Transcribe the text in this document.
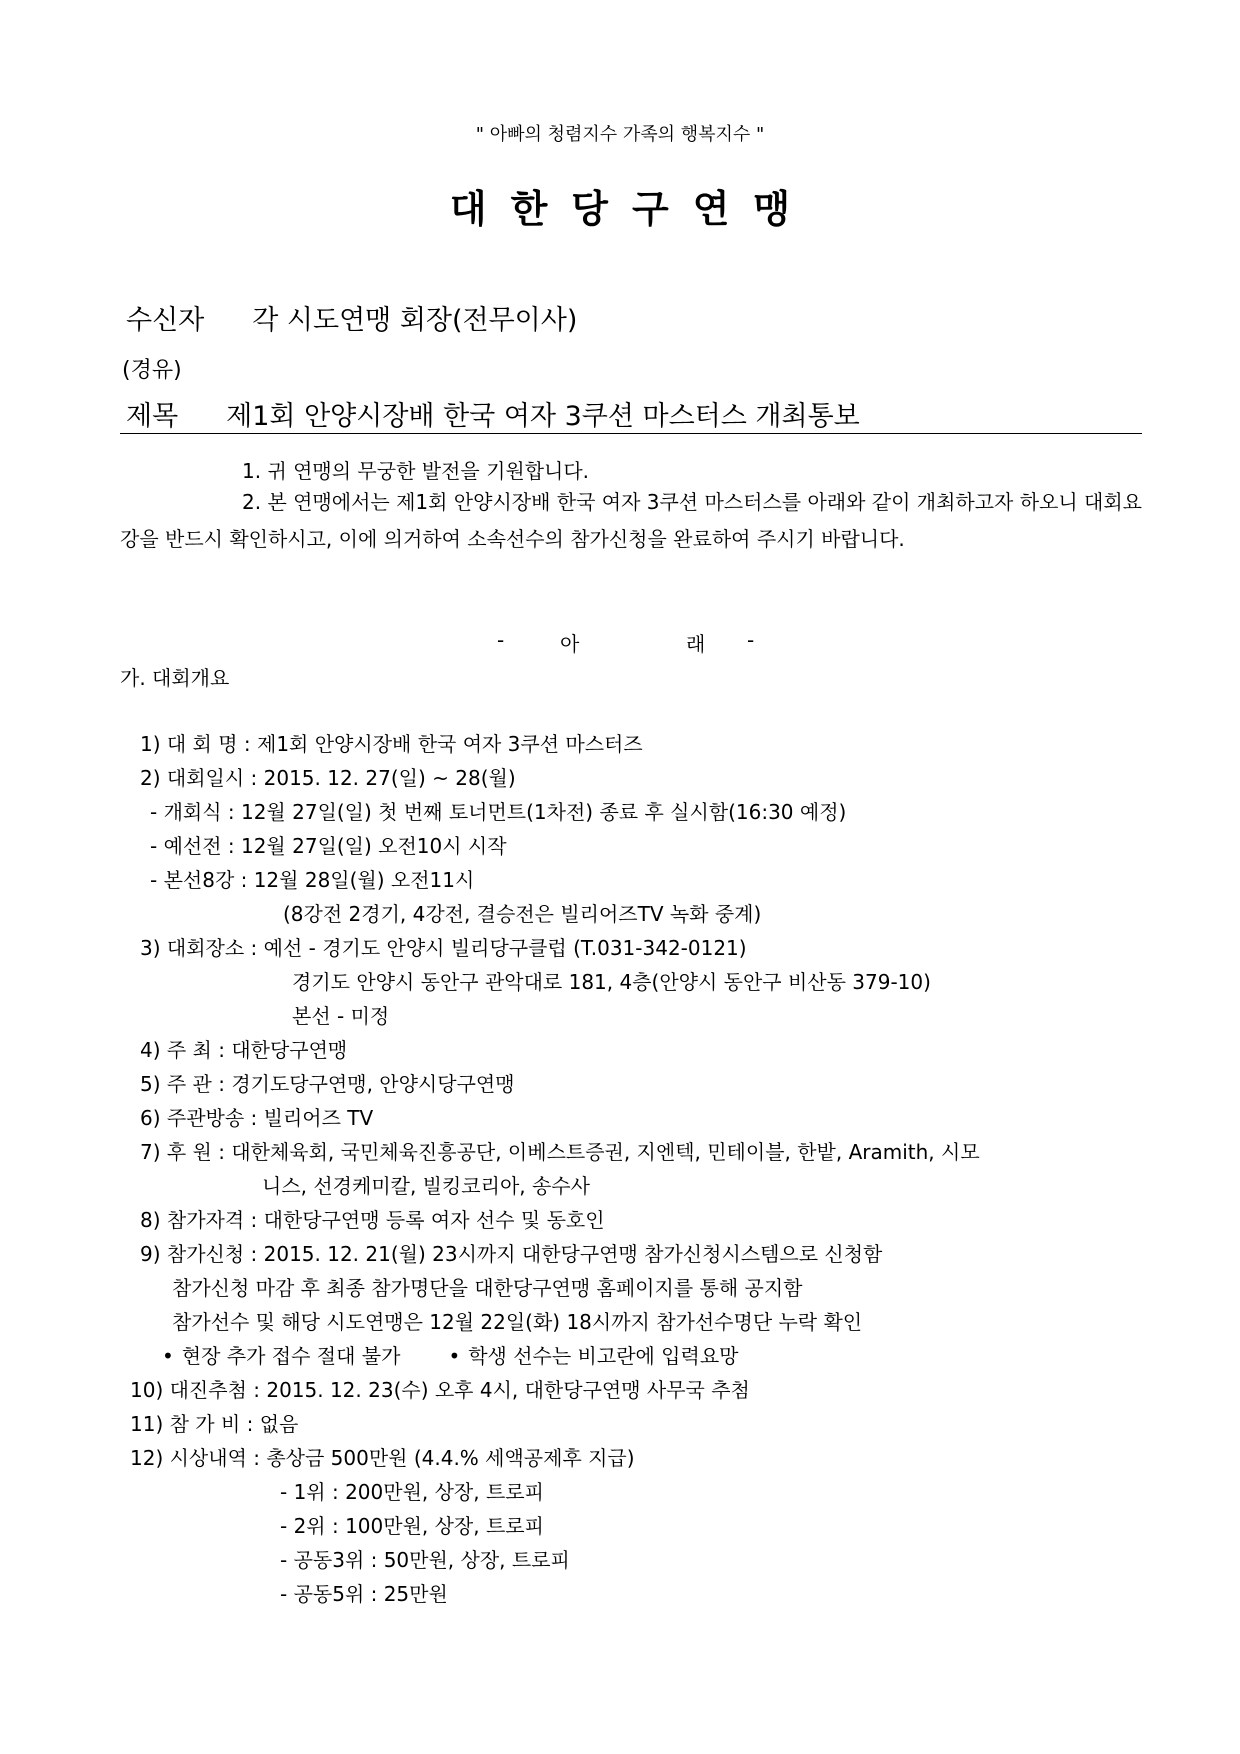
" 아빠의 청렴지수 가족의 행복지수 "
대한당구연맹
수신자 각 시도연맹 회장(전무이사)
(경유)
제목 제1회 안양시장배 한국 여자 3쿠션 마스터스 개최통보
1. 귀 연맹의 무궁한 발전을 기원합니다.
2. 본 연맹에서는 제1회 안양시장배 한국 여자 3쿠션 마스터스를 아래와 같이 개최하고자 하오니 대회요강을 반드시 확인하시고, 이에 의거하여 소속선수의 참가신청을 완료하여 주시기 바랍니다.
-	아	래 -
가. 대회개요
1) 대 회 명 : 제1회 안양시장배 한국 여자 3쿠션 마스터즈
2) 대회일시 : 2015. 12. 27(일) ~ 28(월)
- 개회식 : 12월 27일(일) 첫 번째 토너먼트(1차전) 종료 후 실시함(16:30 예정)
- 예선전 : 12월 27일(일) 오전10시 시작
- 본선8강 : 12월 28일(월) 오전11시
(8강전 2경기, 4강전, 결승전은 빌리어즈TV 녹화 중계)
3) 대회장소 : 예선 - 경기도 안양시 빌리당구클럽 (T.031-342-0121)
경기도 안양시 동안구 관악대로 181, 4층(안양시 동안구 비산동 379-10)
본선 - 미정
4) 주 최 : 대한당구연맹
5) 주 관 : 경기도당구연맹, 안양시당구연맹
6) 주관방송 : 빌리어즈 TV
7) 후 원 : 대한체육회, 국민체육진흥공단, 이베스트증권, 지엔텍, 민테이블, 한밭, Aramith, 시모
니스, 선경케미칼, 빌킹코리아, 송수사
8) 참가자격 : 대한당구연맹 등록 여자 선수 및 동호인
9) 참가신청 : 2015. 12. 21(월) 23시까지 대한당구연맹 참가신청시스템으로 신청함
참가신청 마감 후 최종 참가명단을 대한당구연맹 홈페이지를 통해 공지함
참가선수 및 해당 시도연맹은 12월 22일(화) 18시까지 참가선수명단 누락 확인
• 현장 추가 접수 절대 불가 • 학생 선수는 비고란에 입력요망
10) 대진추첨 : 2015. 12. 23(수) 오후 4시, 대한당구연맹 사무국 추첨
11) 참 가 비 : 없음
12) 시상내역 : 총상금 500만원 (4.4.% 세액공제후 지급)
- 1위 : 200만원, 상장, 트로피
- 2위 : 100만원, 상장, 트로피
- 공동3위 : 50만원, 상장, 트로피
- 공동5위 : 25만원
